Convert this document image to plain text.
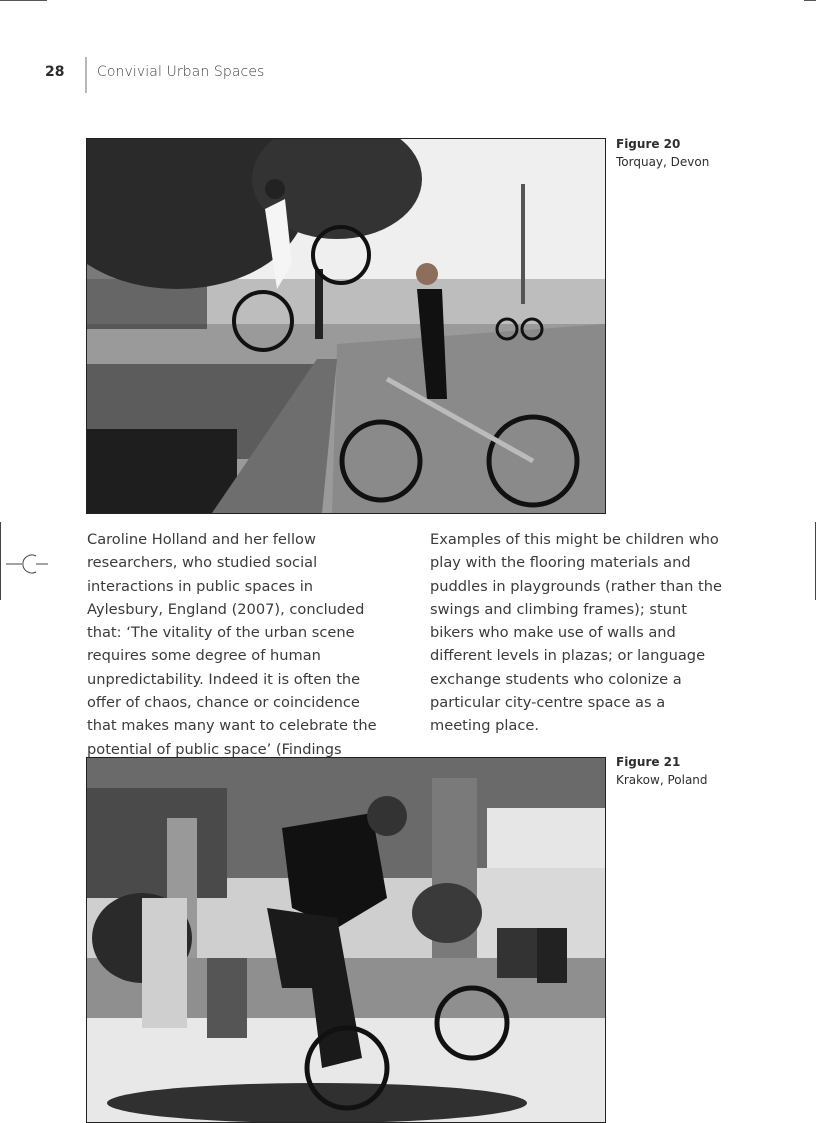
28 Convivial Urban Spaces
Figure 20
Torquay, Devon

Caroline Holland and her fellow researchers, who studied social interactions in public spaces in Aylesbury, England (2007), concluded that: ‘The vitality of the urban scene requires some degree of human unpredictability. Indeed it is often the offer of chaos, chance or coincidence that makes many want to celebrate the potential of public space’ (Findings

Examples of this might be children who play with the flooring materials and puddles in playgrounds (rather than the swings and climbing frames); stunt bikers who make use of walls and different levels in plazas; or language exchange students who colonize a particular city-centre space as a meeting place.

Figure 21
Krakow, Poland
